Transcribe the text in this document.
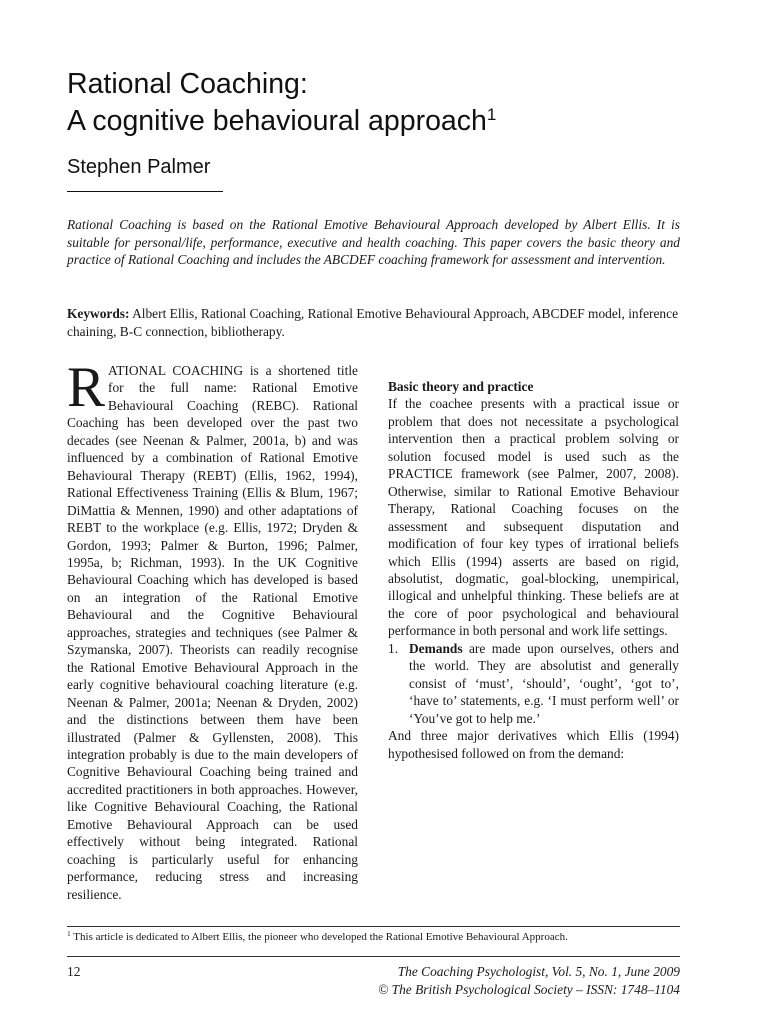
Rational Coaching:
A cognitive behavioural approach$^1$
Stephen Palmer

Rational Coaching is based on the Rational Emotive Behavioural Approach developed by Albert Ellis. It is suitable for personal/life, performance, executive and health coaching. This paper covers the basic theory and practice of Rational Coaching and includes the ABCDEF coaching framework for assessment and intervention.

Keywords: Albert Ellis, Rational Coaching, Rational Emotive Behavioural Approach, ABCDEF model, inference chaining, B-C connection, bibliotherapy.

RATIONAL COACHING is a shortened title for the full name: Rational Emotive Behavioural Coaching (REBC). Rational Coaching has been developed over the past two decades (see Neenan & Palmer, 2001a, b) and was influenced by a combination of Rational Emotive Behavioural Therapy (REBT) (Ellis, 1962, 1994), Rational Effectiveness Training (Ellis & Blum, 1967; DiMattia & Mennen, 1990) and other adaptations of REBT to the workplace (e.g. Ellis, 1972; Dryden & Gordon, 1993; Palmer & Burton, 1996; Palmer, 1995a, b; Richman, 1993). In the UK Cognitive Behavioural Coaching which has developed is based on an integration of the Rational Emotive Behavioural and the Cognitive Behavioural approaches, strategies and techniques (see Palmer & Szymanska, 2007). Theorists can readily recognise the Rational Emotive Behavioural Approach in the early cognitive behavioural coaching literature (e.g. Neenan & Palmer, 2001a; Neenan & Dryden, 2002) and the distinctions between them have been illustrated (Palmer & Gyllensten, 2008). This integration probably is due to the main developers of Cognitive Behavioural Coaching being trained and accredited practitioners in both approaches. However, like Cognitive Behavioural Coaching, the Rational Emotive Behavioural Approach can be used effectively without being integrated. Rational coaching is particularly useful for enhancing performance, reducing stress and increasing resilience.

Basic theory and practice

If the coachee presents with a practical issue or problem that does not necessitate a psychological intervention then a practical problem solving or solution focused model is used such as the PRACTICE framework (see Palmer, 2007, 2008). Otherwise, similar to Rational Emotive Behaviour Therapy, Rational Coaching focuses on the assessment and subsequent disputation and modification of four key types of irrational beliefs which Ellis (1994) asserts are based on rigid, absolutist, dogmatic, goal-blocking, unempirical, illogical and unhelpful thinking. These beliefs are at the core of poor psychological and behavioural performance in both personal and work life settings.

1. Demands are made upon ourselves, others and the world. They are absolutist and generally consist of ‘must’, ‘should’, ‘ought’, ‘got to’, ‘have to’ statements, e.g. ‘I must perform well’ or ‘You’ve got to help me.’

And three major derivatives which Ellis (1994) hypothesised followed on from the demand:

$^1$ This article is dedicated to Albert Ellis, the pioneer who developed the Rational Emotive Behavioural Approach.

12	The Coaching Psychologist, Vol. 5, No. 1, June 2009
© The British Psychological Society – ISSN: 1748–1104
